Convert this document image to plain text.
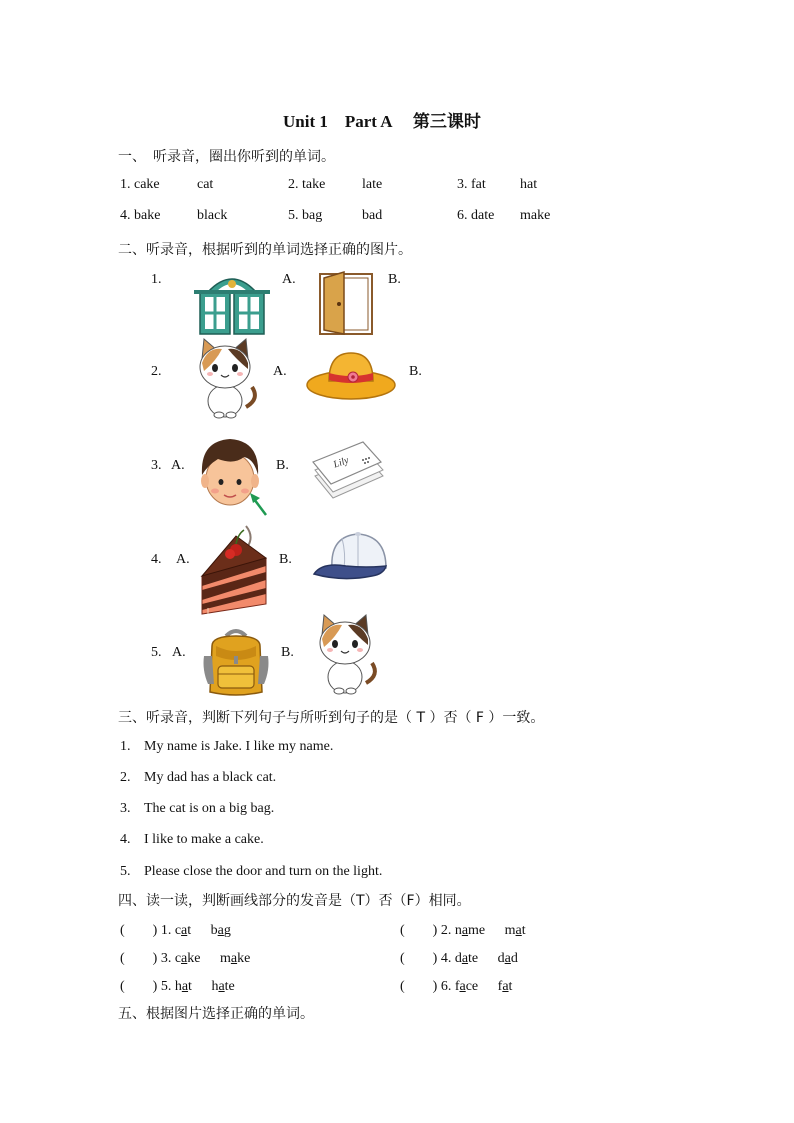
Unit 1　Part A　 第三课时
一、　听录音，圈出你听到的单词。
1. cake	cat	2. take	late	3. fat hat
4. bake	black	5. bag	bad	6. date make
二、听录音，根据听到的单词选择正确的图片。
1.	A.	B.
2.	A.	B.
3. A.	B.	Lily
4. A.	B.
5. A.	B.
三、听录音，判断下列句子与所听到句子的是（ T ）否（ F ）一致。
1. My name is Jake. I like my name.
2. My dad has a black cat.
3. The cat is on a big bag.
4. I like to make a cake.
5. Please close the door and turn on the light.
四、读一读，判断画线部分的发音是（T）否（F）相同。
(　　) 1. cat bag	(　　) 2. name mat
(　　) 3. cake make	(　　) 4. date dad
(　　) 5. hat hate	(　　) 6. face fat
五、根据图片选择正确的单词。
